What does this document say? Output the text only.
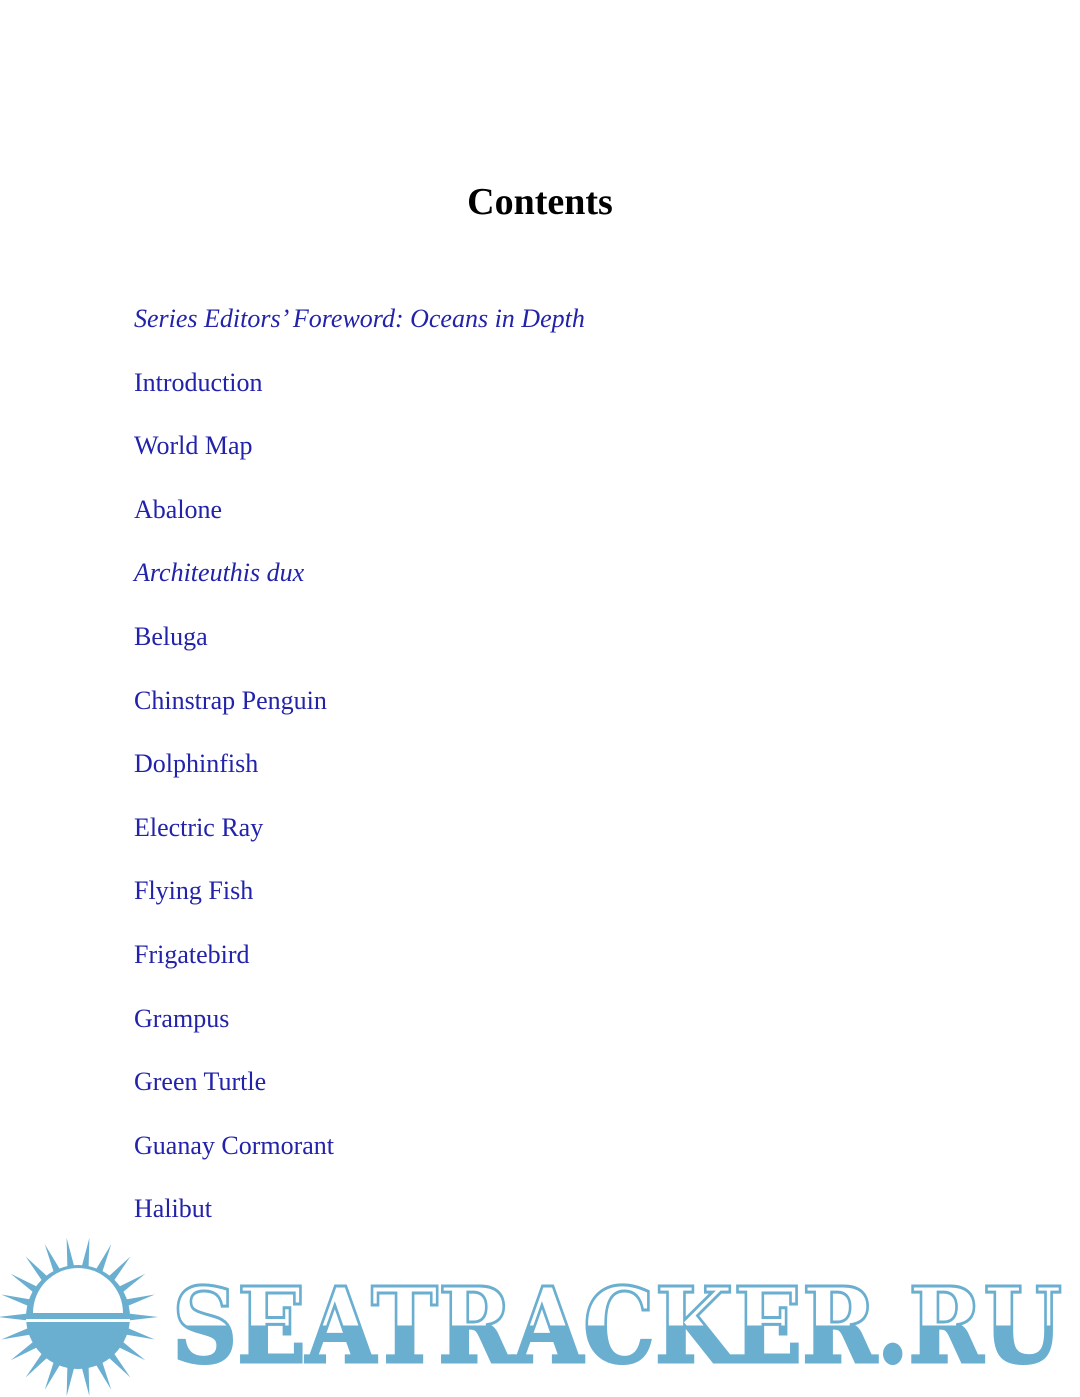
Contents
Series Editors’ Foreword: Oceans in Depth
Introduction
World Map
Abalone
Architeuthis dux
Beluga
Chinstrap Penguin
Dolphinfish
Electric Ray
Flying Fish
Frigatebird
Grampus
Green Turtle
Guanay Cormorant
Halibut
SEATRACKER.RU
